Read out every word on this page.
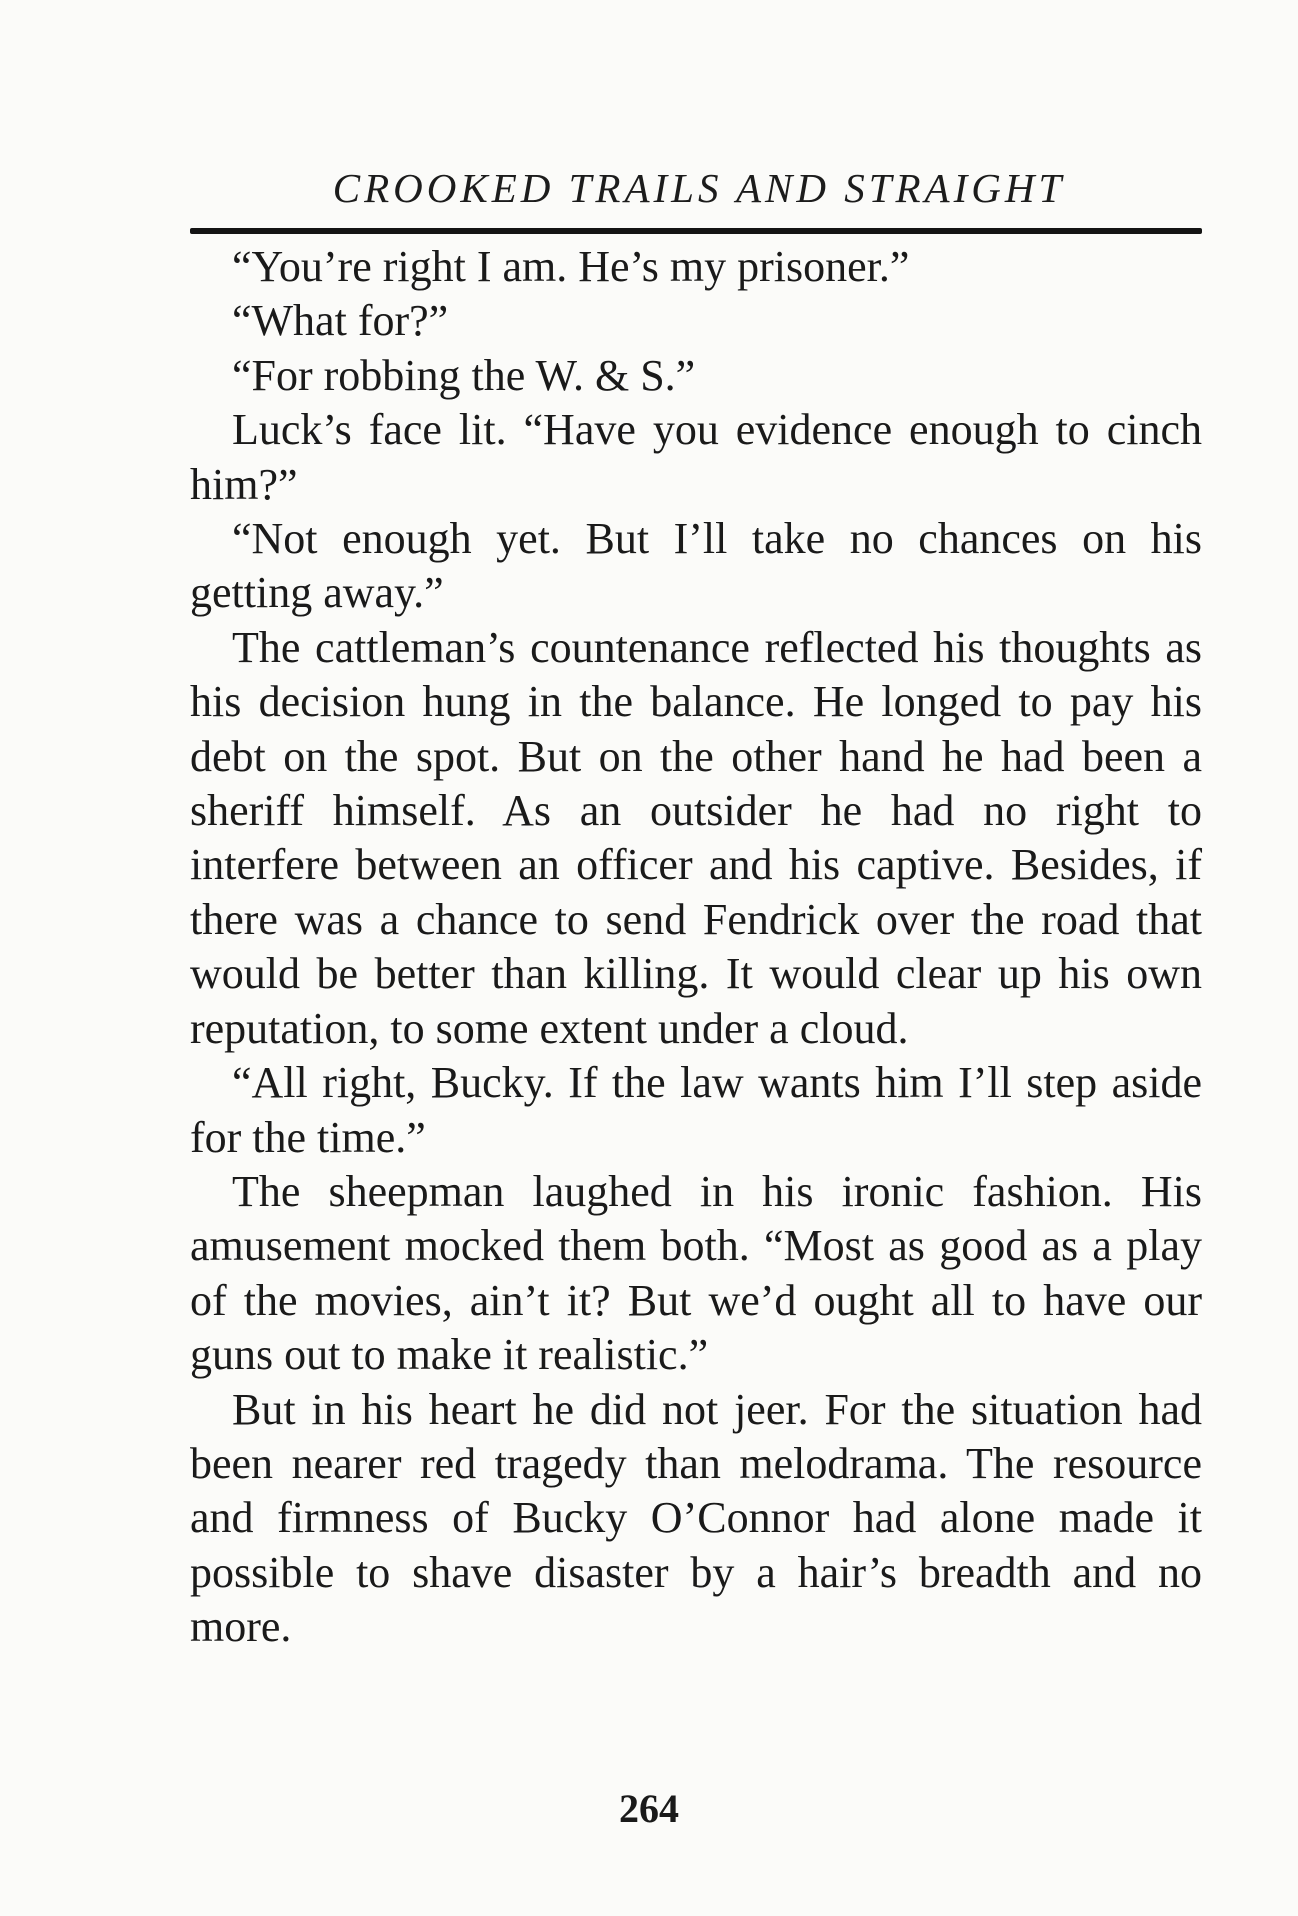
CROOKED TRAILS AND STRAIGHT

“You’re right I am. He’s my prisoner.”

“What for?”

“For robbing the W. & S.”

Luck’s face lit. “Have you evidence enough to cinch him?”

“Not enough yet. But I’ll take no chances on his getting away.”

The cattleman’s countenance reflected his thoughts as his decision hung in the balance. He longed to pay his debt on the spot. But on the other hand he had been a sheriff himself. As an outsider he had no right to interfere between an officer and his captive. Besides, if there was a chance to send Fendrick over the road that would be better than killing. It would clear up his own reputation, to some extent under a cloud.

“All right, Bucky. If the law wants him I’ll step aside for the time.”

The sheepman laughed in his ironic fashion. His amusement mocked them both. “Most as good as a play of the movies, ain’t it? But we’d ought all to have our guns out to make it realistic.”

But in his heart he did not jeer. For the situation had been nearer red tragedy than melodrama. The resource and firmness of Bucky O’Connor had alone made it possible to shave disaster by a hair’s breadth and no more.

264
